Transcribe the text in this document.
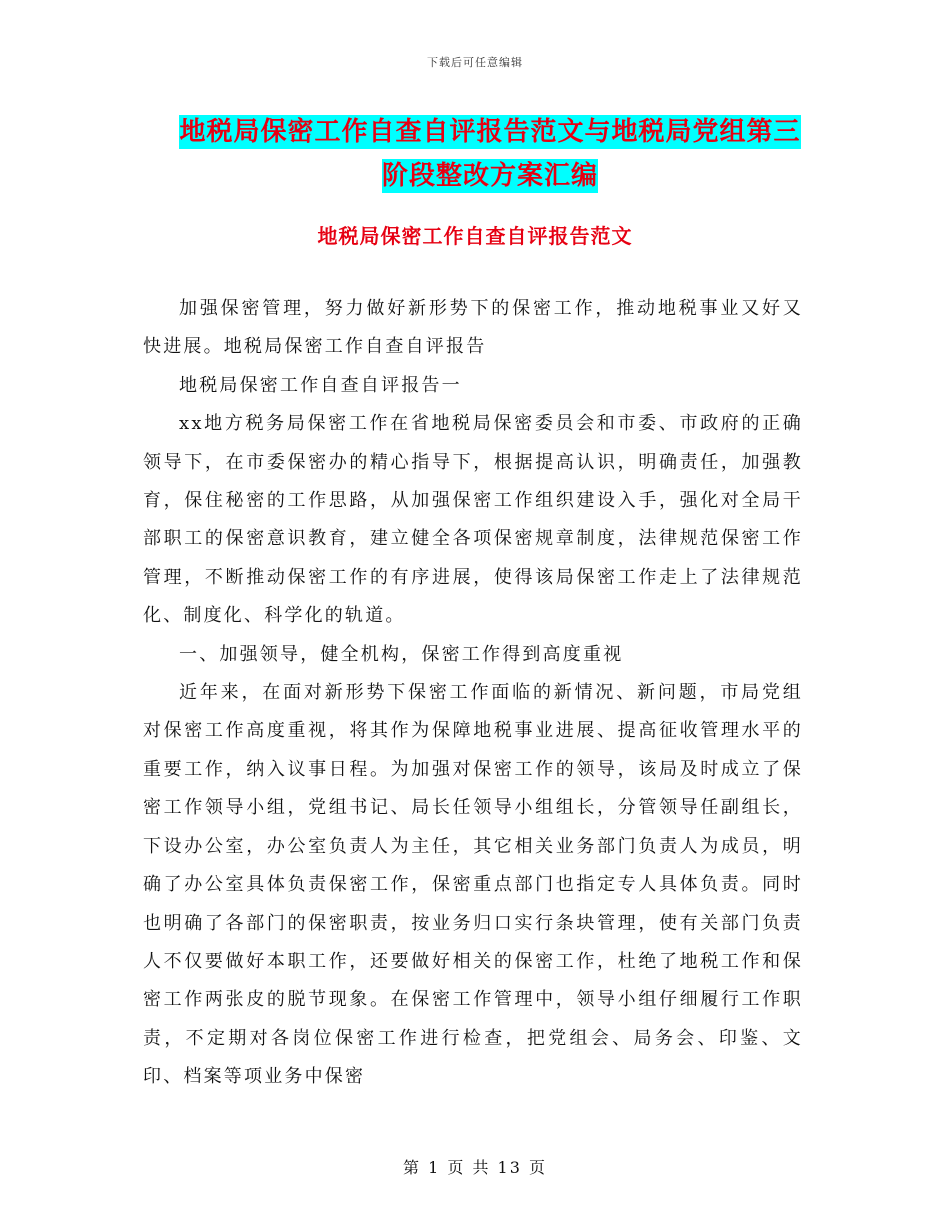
下载后可任意编辑
地税局保密工作自查自评报告范文与地税局党组第三
阶段整改方案汇编
地税局保密工作自查自评报告范文

加强保密管理，努力做好新形势下的保密工作，推动地税事业又好又快进展。地税局保密工作自查自评报告

地税局保密工作自查自评报告一

xx地方税务局保密工作在省地税局保密委员会和市委、市政府的正确领导下，在市委保密办的精心指导下，根据提高认识，明确责任，加强教育，保住秘密的工作思路，从加强保密工作组织建设入手，强化对全局干部职工的保密意识教育，建立健全各项保密规章制度，法律规范保密工作管理，不断推动保密工作的有序进展，使得该局保密工作走上了法律规范化、制度化、科学化的轨道。

一、加强领导，健全机构，保密工作得到高度重视

近年来，在面对新形势下保密工作面临的新情况、新问题，市局党组对保密工作高度重视，将其作为保障地税事业进展、提高征收管理水平的重要工作，纳入议事日程。为加强对保密工作的领导，该局及时成立了保密工作领导小组，党组书记、局长任领导小组组长，分管领导任副组长，下设办公室，办公室负责人为主任，其它相关业务部门负责人为成员，明确了办公室具体负责保密工作，保密重点部门也指定专人具体负责。同时也明确了各部门的保密职责，按业务归口实行条块管理，使有关部门负责人不仅要做好本职工作，还要做好相关的保密工作，杜绝了地税工作和保密工作两张皮的脱节现象。在保密工作管理中，领导小组仔细履行工作职责，不定期对各岗位保密工作进行检查，把党组会、局务会、印鉴、文印、档案等项业务中保密

第 1 页 共 13 页
